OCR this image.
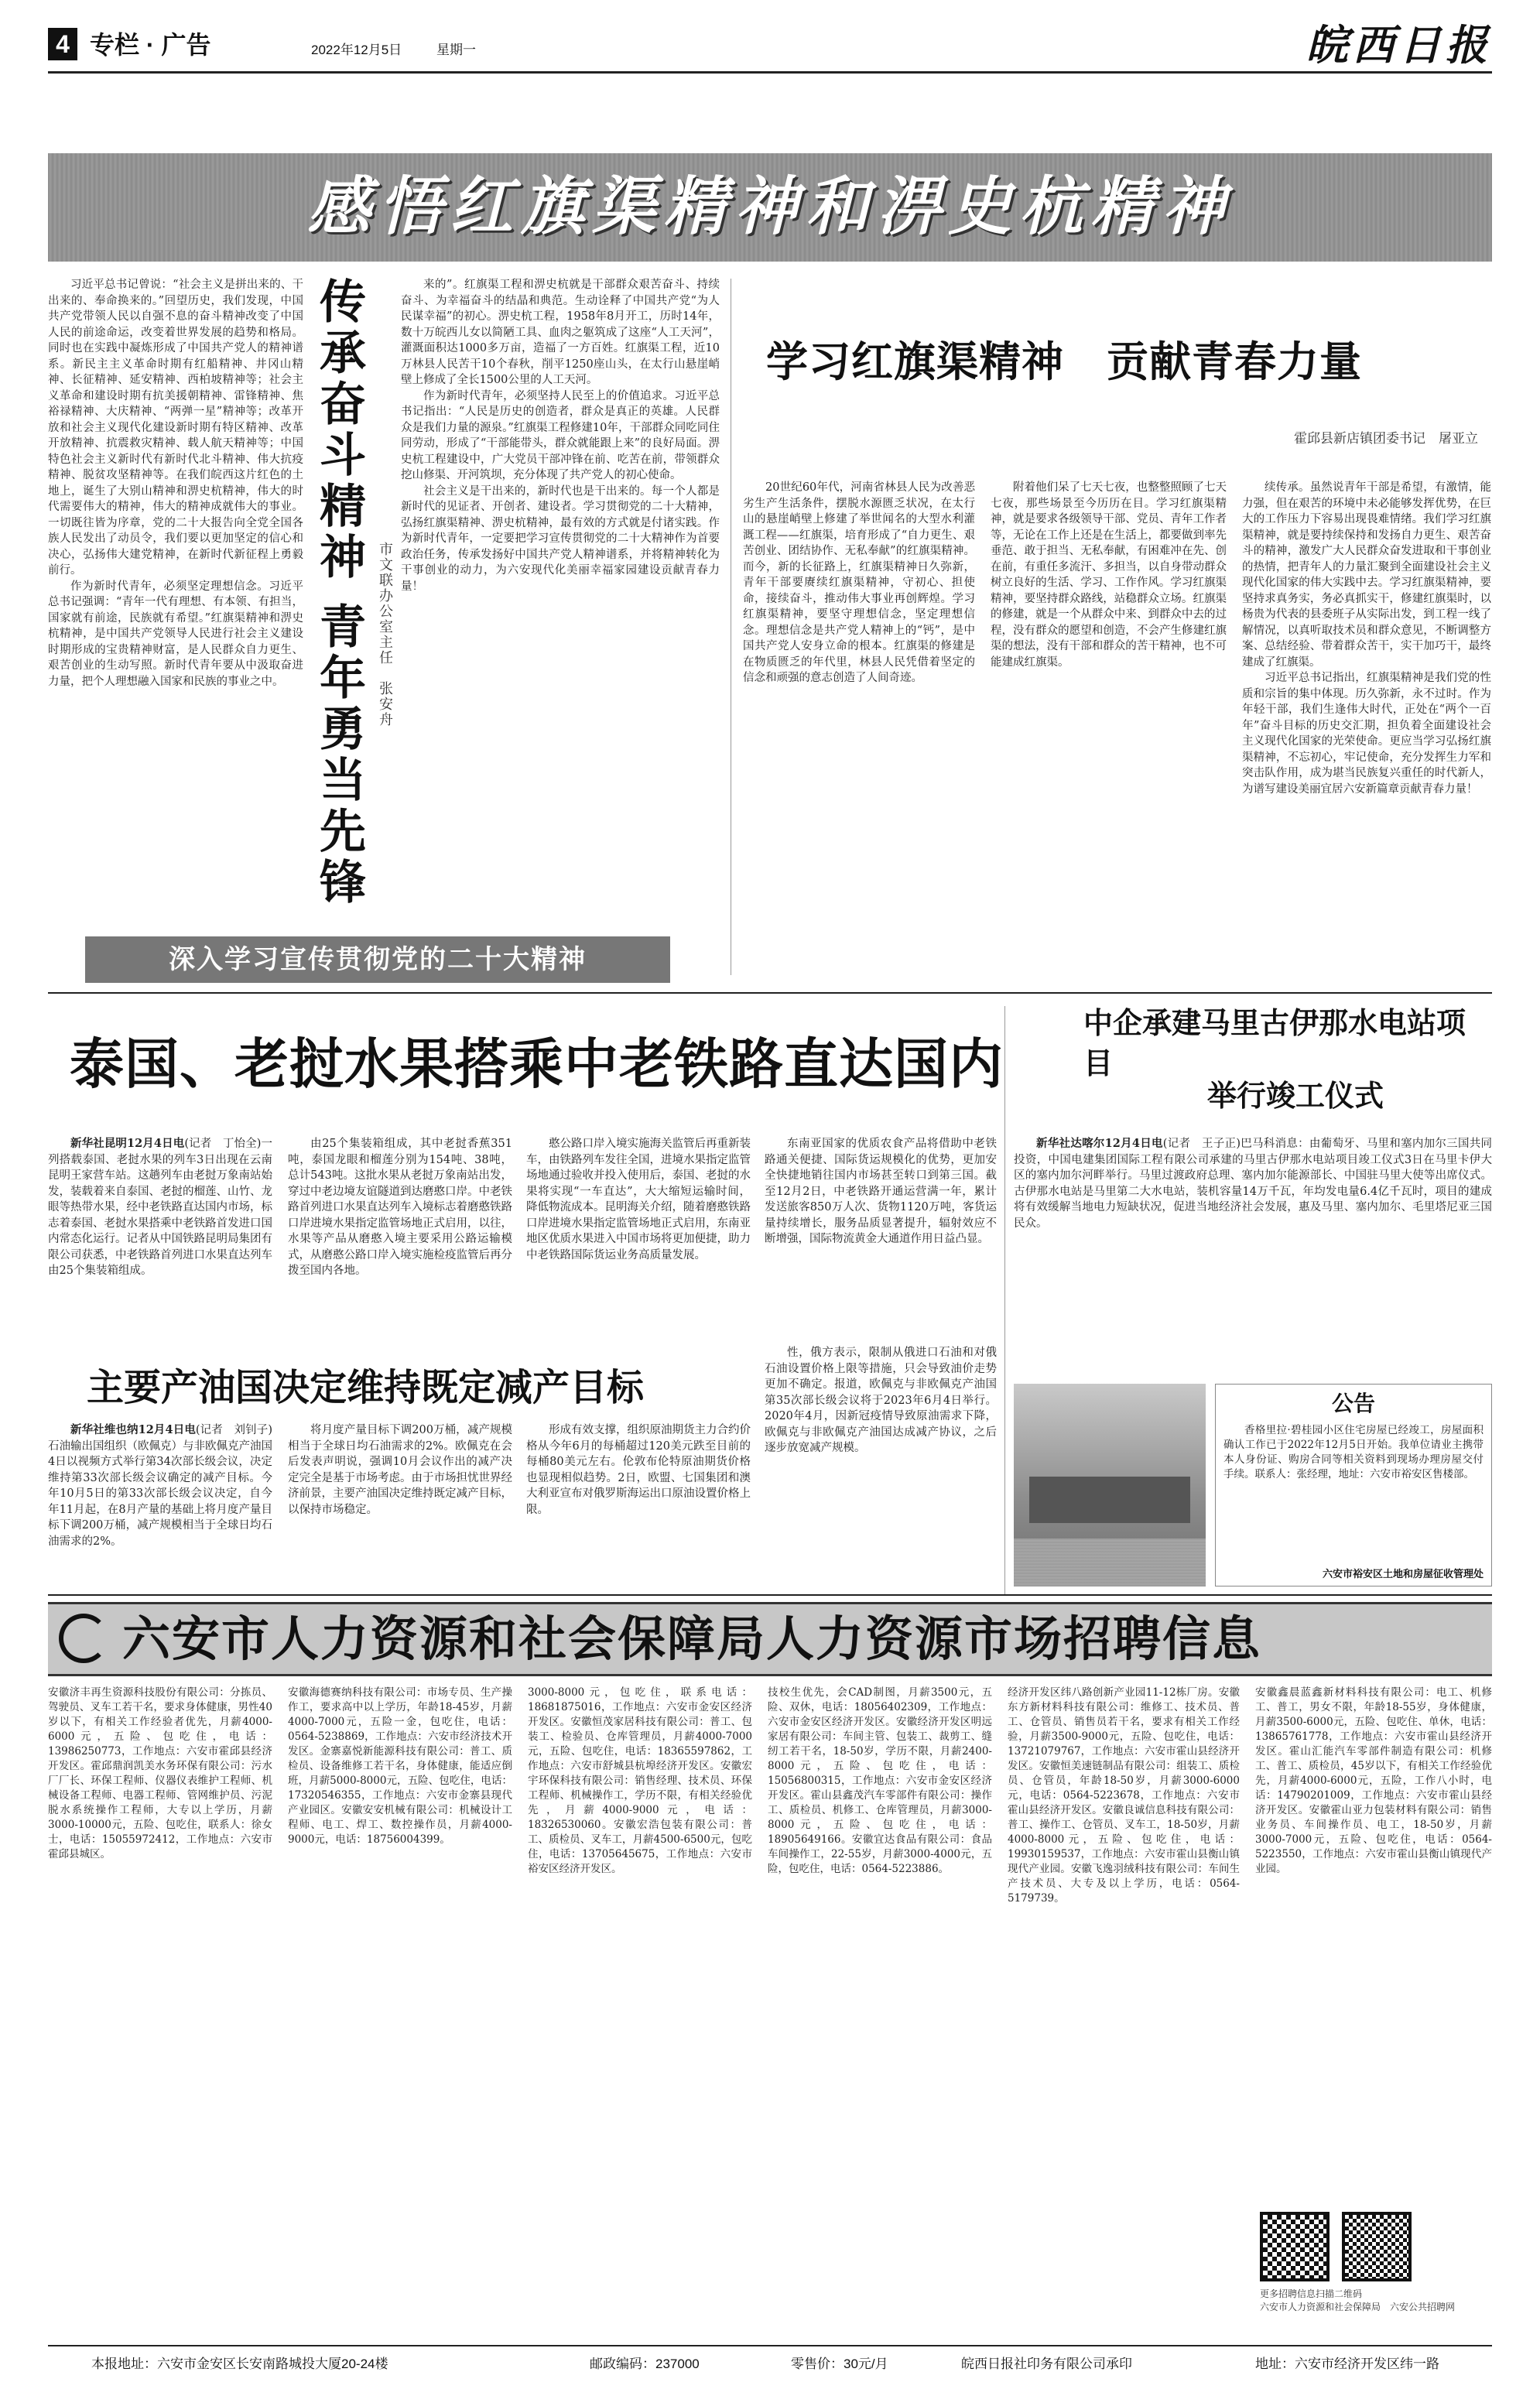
4 专栏 · 广告	2022年12月5日	星期一	皖西日报
感悟红旗渠精神和淠史杭精神

习近平总书记曾说：“社会主义是拼出来的、干出来的、奉命换来的。”回望历史，我们发现，中国共产党带领人民以自强不息的奋斗精神改变了中国人民的前途命运，改变着世界发展的趋势和格局。同时也在实践中凝炼形成了中国共产党人的精神谱系。新民主主义革命时期有红船精神、井冈山精神、长征精神、延安精神、西柏坡精神等；社会主义革命和建设时期有抗美援朝精神、雷锋精神、焦裕禄精神、大庆精神、“两弹一星”精神等；改革开放和社会主义现代化建设新时期有特区精神、改革开放精神、抗震救灾精神、载人航天精神等；中国特色社会主义新时代有新时代北斗精神、伟大抗疫精神、脱贫攻坚精神等。在我们皖西这片红色的土地上，诞生了大别山精神和淠史杭精神，伟大的时代需要伟大的精神，伟大的精神成就伟大的事业。一切既往皆为序章，党的二十大报告向全党全国各族人民发出了动员令，我们要以更加坚定的信心和决心，弘扬伟大建党精神，在新时代新征程上勇毅前行。

作为新时代青年，必须坚定理想信念。习近平总书记强调：“青年一代有理想、有本领、有担当，国家就有前途，民族就有希望。”红旗渠精神和淠史杭精神，是中国共产党领导人民进行社会主义建设时期形成的宝贵精神财富，是人民群众自力更生、艰苦创业的生动写照。新时代青年要从中汲取奋进力量，把个人理想融入国家和民族的事业之中。

传承奋斗精神
青年勇当先锋 市文联办公室主任　张安舟

来的”。红旗渠工程和淠史杭就是干部群众艰苦奋斗、持续奋斗、为幸福奋斗的结晶和典范。生动诠释了中国共产党“为人民谋幸福”的初心。淠史杭工程，1958年8月开工，历时14年，数十万皖西儿女以简陋工具、血肉之躯筑成了这座“人工天河”，灌溉面积达1000多万亩，造福了一方百姓。红旗渠工程，近10万林县人民苦干10个春秋，削平1250座山头，在太行山悬崖峭壁上修成了全长1500公里的人工天河。

作为新时代青年，必须坚持人民至上的价值追求。习近平总书记指出：“人民是历史的创造者，群众是真正的英雄。人民群众是我们力量的源泉。”红旗渠工程修建10年，干部群众同吃同住同劳动，形成了“干部能带头，群众就能跟上来”的良好局面。淠史杭工程建设中，广大党员干部冲锋在前、吃苦在前，带领群众挖山修渠、开河筑坝，充分体现了共产党人的初心使命。

社会主义是干出来的，新时代也是干出来的。每一个人都是新时代的见证者、开创者、建设者。学习贯彻党的二十大精神，弘扬红旗渠精神、淠史杭精神，最有效的方式就是付诸实践。作为新时代青年，一定要把学习宣传贯彻党的二十大精神作为首要政治任务，传承发扬好中国共产党人精神谱系，并将精神转化为干事创业的动力，为六安现代化美丽幸福家园建设贡献青春力量！

深入学习宣传贯彻党的二十大精神
学习红旗渠精神　贡献青春力量
霍邱县新店镇团委书记　屠亚立

20世纪60年代，河南省林县人民为改善恶劣生产生活条件，摆脱水源匮乏状况，在太行山的悬崖峭壁上修建了举世闻名的大型水利灌溉工程——红旗渠，培育形成了“自力更生、艰苦创业、团结协作、无私奉献”的红旗渠精神。而今，新的长征路上，红旗渠精神日久弥新，青年干部要赓续红旗渠精神，守初心、担使命，接续奋斗，推动伟大事业再创辉煌。学习红旗渠精神，要坚守理想信念，坚定理想信念。理想信念是共产党人精神上的“钙”，是中国共产党人安身立命的根本。红旗渠的修建是在物质匮乏的年代里，林县人民凭借着坚定的信念和顽强的意志创造了人间奇迹。

附着他们呆了七天七夜，也整整照顾了七天七夜，那些场景至今历历在目。学习红旗渠精神，就是要求各级领导干部、党员、青年工作者等，无论在工作上还是在生活上，都要做到率先垂范、敢于担当、无私奉献，有困难冲在先、创在前，有重任多流汗、多担当，以自身带动群众树立良好的生活、学习、工作作风。学习红旗渠精神，要坚持群众路线，站稳群众立场。红旗渠的修建，就是一个从群众中来、到群众中去的过程，没有群众的愿望和创造，不会产生修建红旗渠的想法，没有干部和群众的苦干精神，也不可能建成红旗渠。

续传承。虽然说青年干部是希望，有激情，能力强，但在艰苦的环境中未必能够发挥优势，在巨大的工作压力下容易出现畏难情绪。我们学习红旗渠精神，就是要持续保持和发扬自力更生、艰苦奋斗的精神，激发广大人民群众奋发进取和干事创业的热情，把青年人的力量汇聚到全面建设社会主义现代化国家的伟大实践中去。学习红旗渠精神，要坚持求真务实，务必真抓实干，修建红旗渠时，以杨贵为代表的县委班子从实际出发，到工程一线了解情况，以真听取技术员和群众意见，不断调整方案、总结经验、带着群众苦干，实干加巧干，最终建成了红旗渠。

习近平总书记指出，红旗渠精神是我们党的性质和宗旨的集中体现。历久弥新，永不过时。作为年轻干部，我们生逢伟大时代，正处在“两个一百年”奋斗目标的历史交汇期，担负着全面建设社会主义现代化国家的光荣使命。更应当学习弘扬红旗渠精神，不忘初心，牢记使命，充分发挥生力军和突击队作用，成为堪当民族复兴重任的时代新人，为谱写建设美丽宜居六安新篇章贡献青春力量！

泰国、老挝水果搭乘中老铁路直达国内

新华社昆明12月4日电(记者　丁怡全)一列搭载泰国、老挝水果的列车3日出现在云南昆明王家营车站。这趟列车由老挝万象南站始发，装载着来自泰国、老挝的榴莲、山竹、龙眼等热带水果，经中老铁路直达国内市场，标志着泰国、老挝水果搭乘中老铁路首发进口国内常态化运行。记者从中国铁路昆明局集团有限公司获悉，中老铁路首列进口水果直达列车由25个集装箱组成。

由25个集装箱组成，其中老挝香蕉351吨，泰国龙眼和榴莲分别为154吨、38吨，总计543吨。这批水果从老挝万象南站出发，穿过中老边境友谊隧道到达磨憨口岸。中老铁路首列进口水果直达列车入境标志着磨憨铁路口岸进境水果指定监管场地正式启用，以往，水果等产品从磨憨入境主要采用公路运输模式，从磨憨公路口岸入境实施检疫监管后再分拨至国内各地。

憨公路口岸入境实施海关监管后再重新装车，由铁路列车发往全国，进境水果指定监管场地通过验收并投入使用后，泰国、老挝的水果将实现“一车直达”，大大缩短运输时间，降低物流成本。昆明海关介绍，随着磨憨铁路口岸进境水果指定监管场地正式启用，东南亚地区优质水果进入中国市场将更加便捷，助力中老铁路国际货运业务高质量发展。

东南亚国家的优质农食产品将借助中老铁路通关便捷、国际货运规模化的优势，更加安全快捷地销往国内市场甚至转口到第三国。截至12月2日，中老铁路开通运营满一年，累计发送旅客850万人次、货物1120万吨，客货运量持续增长，服务品质显著提升，辐射效应不断增强，国际物流黄金大通道作用日益凸显。

主要产油国决定维持既定减产目标

新华社维也纳12月4日电(记者　刘钊子)石油输出国组织（欧佩克）与非欧佩克产油国4日以视频方式举行第34次部长级会议，决定维持第33次部长级会议确定的减产目标。今年10月5日的第33次部长级会议决定，自今年11月起，在8月产量的基础上将月度产量目标下调200万桶，减产规模相当于全球日均石油需求的2%。

将月度产量目标下调200万桶，减产规模相当于全球日均石油需求的2%。欧佩克在会后发表声明说，强调10月会议作出的减产决定完全是基于市场考虑。由于市场担忧世界经济前景，主要产油国决定维持既定减产目标，以保持市场稳定。

形成有效支撑，组织原油期货主力合约价格从今年6月的每桶超过120美元跌至目前的每桶80美元左右。伦敦布伦特原油期货价格也显现相似趋势。2日，欧盟、七国集团和澳大利亚宣布对俄罗斯海运出口原油设置价格上限。

性，俄方表示，限制从俄进口石油和对俄石油设置价格上限等措施，只会导致油价走势更加不确定。报道，欧佩克与非欧佩克产油国第35次部长级会议将于2023年6月4日举行。2020年4月，因新冠疫情导致原油需求下降，欧佩克与非欧佩克产油国达成减产协议，之后逐步放宽减产规模。

中企承建马里古伊那水电站项目
举行竣工仪式

新华社达喀尔12月4日电(记者　王子正)巴马科消息：由葡萄牙、马里和塞内加尔三国共同投资，中国电建集团国际工程有限公司承建的马里古伊那水电站项目竣工仪式3日在马里卡伊大区的塞内加尔河畔举行。马里过渡政府总理、塞内加尔能源部长、中国驻马里大使等出席仪式。古伊那水电站是马里第二大水电站，装机容量14万千瓦，年均发电量6.4亿千瓦时，项目的建成将有效缓解当地电力短缺状况，促进当地经济社会发展，惠及马里、塞内加尔、毛里塔尼亚三国民众。

公告

香格里拉·碧桂园小区住宅房屋已经竣工，房屋面积确认工作已于2022年12月5日开始。我单位请业主携带本人身份证、购房合同等相关资料到现场办理房屋交付手续。联系人：张经理，地址：六安市裕安区售楼部。

六安市裕安区土地和房屋征收管理处
六安市人力资源和社会保障局人力资源市场招聘信息
安徽济丰再生资源科技股份有限公司：分拣员、驾驶员、叉车工若干名，要求身体健康，男性40岁以下，有相关工作经验者优先，月薪4000-6000元，五险、包吃住，电话：13986250773，工作地点：六安市霍邱县经济开发区。霍邱鼎润凯美水务环保有限公司：污水厂厂长、环保工程师、仪器仪表维护工程师、机械设备工程师、电器工程师、管网维护员、污泥脱水系统操作工程师，大专以上学历，月薪3000-10000元，五险、包吃住，联系人：徐女士，电话：15055972412，工作地点：六安市霍邱县城区。
安徽海德赛纳科技有限公司：市场专员、生产操作工，要求高中以上学历，年龄18-45岁，月薪4000-7000元，五险一金，包吃住，电话：0564-5238869，工作地点：六安市经济技术开发区。金寨嘉悦新能源科技有限公司：普工、质检员、设备维修工若干名，身体健康，能适应倒班，月薪5000-8000元，五险、包吃住，电话：17320546355，工作地点：六安市金寨县现代产业园区。安徽安安机械有限公司：机械设计工程师、电工、焊工、数控操作员，月薪4000-9000元，电话：18756004399。
3000-8000元，包吃住，联系电话：18681875016，工作地点：六安市金安区经济开发区。安徽恒茂家居科技有限公司：普工、包装工、检验员、仓库管理员，月薪4000-7000元，五险、包吃住，电话：18365597862，工作地点：六安市舒城县杭埠经济开发区。安徽宏宇环保科技有限公司：销售经理、技术员、环保工程师、机械操作工，学历不限，有相关经验优先，月薪4000-9000元，电话：18326530060。安徽宏浩包装有限公司：普工、质检员、叉车工，月薪4500-6500元，包吃住，电话：13705645675，工作地点：六安市裕安区经济开发区。
技校生优先，会CAD制图，月薪3500元，五险、双休，电话：18056402309，工作地点：六安市金安区经济开发区。安徽经济开发区明远家居有限公司：车间主管、包装工、裁剪工、缝纫工若干名，18-50岁，学历不限，月薪2400-8000元，五险、包吃住，电话：15056800315，工作地点：六安市金安区经济开发区。霍山县鑫茂汽车零部件有限公司：操作工、质检员、机修工、仓库管理员，月薪3000-8000元，五险、包吃住，电话：18905649166。安徽宜达食品有限公司：食品车间操作工，22-55岁，月薪3000-4000元，五险，包吃住，电话：0564-5223886。
经济开发区纬八路创新产业园11-12栋厂房。安徽东方新材料科技有限公司：维修工、技术员、普工、仓管员、销售员若干名，要求有相关工作经验，月薪3500-9000元，五险、包吃住，电话：13721079767，工作地点：六安市霍山县经济开发区。安徽恒美速链制品有限公司：组装工、质检员、仓管员，年龄18-50岁，月薪3000-6000元，电话：0564-5223678，工作地点：六安市霍山县经济开发区。安徽良诚信息科技有限公司：普工、操作工、仓管员、叉车工，18-50岁，月薪4000-8000元，五险、包吃住，电话：19930159537，工作地点：六安市霍山县衡山镇现代产业园。安徽飞逸羽绒科技有限公司：车间生产技术员、大专及以上学历，电话：0564-5179739。
安徽鑫晨蓝鑫新材料科技有限公司：电工、机修工、普工，男女不限，年龄18-55岁，身体健康，月薪3500-6000元，五险、包吃住、单休，电话：13865761778，工作地点：六安市霍山县经济开发区。霍山汇能汽车零部件制造有限公司：机修工、普工、质检员，45岁以下，有相关工作经验优先，月薪4000-6000元，五险，工作八小时，电话：14790201009，工作地点：六安市霍山县经济开发区。安徽霍山亚力包装材料有限公司：销售业务员、车间操作员、电工，18-50岁，月薪3000-7000元，五险、包吃住，电话：0564-5223550，工作地点：六安市霍山县衡山镇现代产业园。
更多招聘信息扫描二维码
六安市人力资源和社会保障局　六安公共招聘网
本报地址：六安市金安区长安南路城投大厦20-24楼	邮政编码：237000	零售价：30元/月	皖西日报社印务有限公司承印	地址：六安市经济开发区纬一路
